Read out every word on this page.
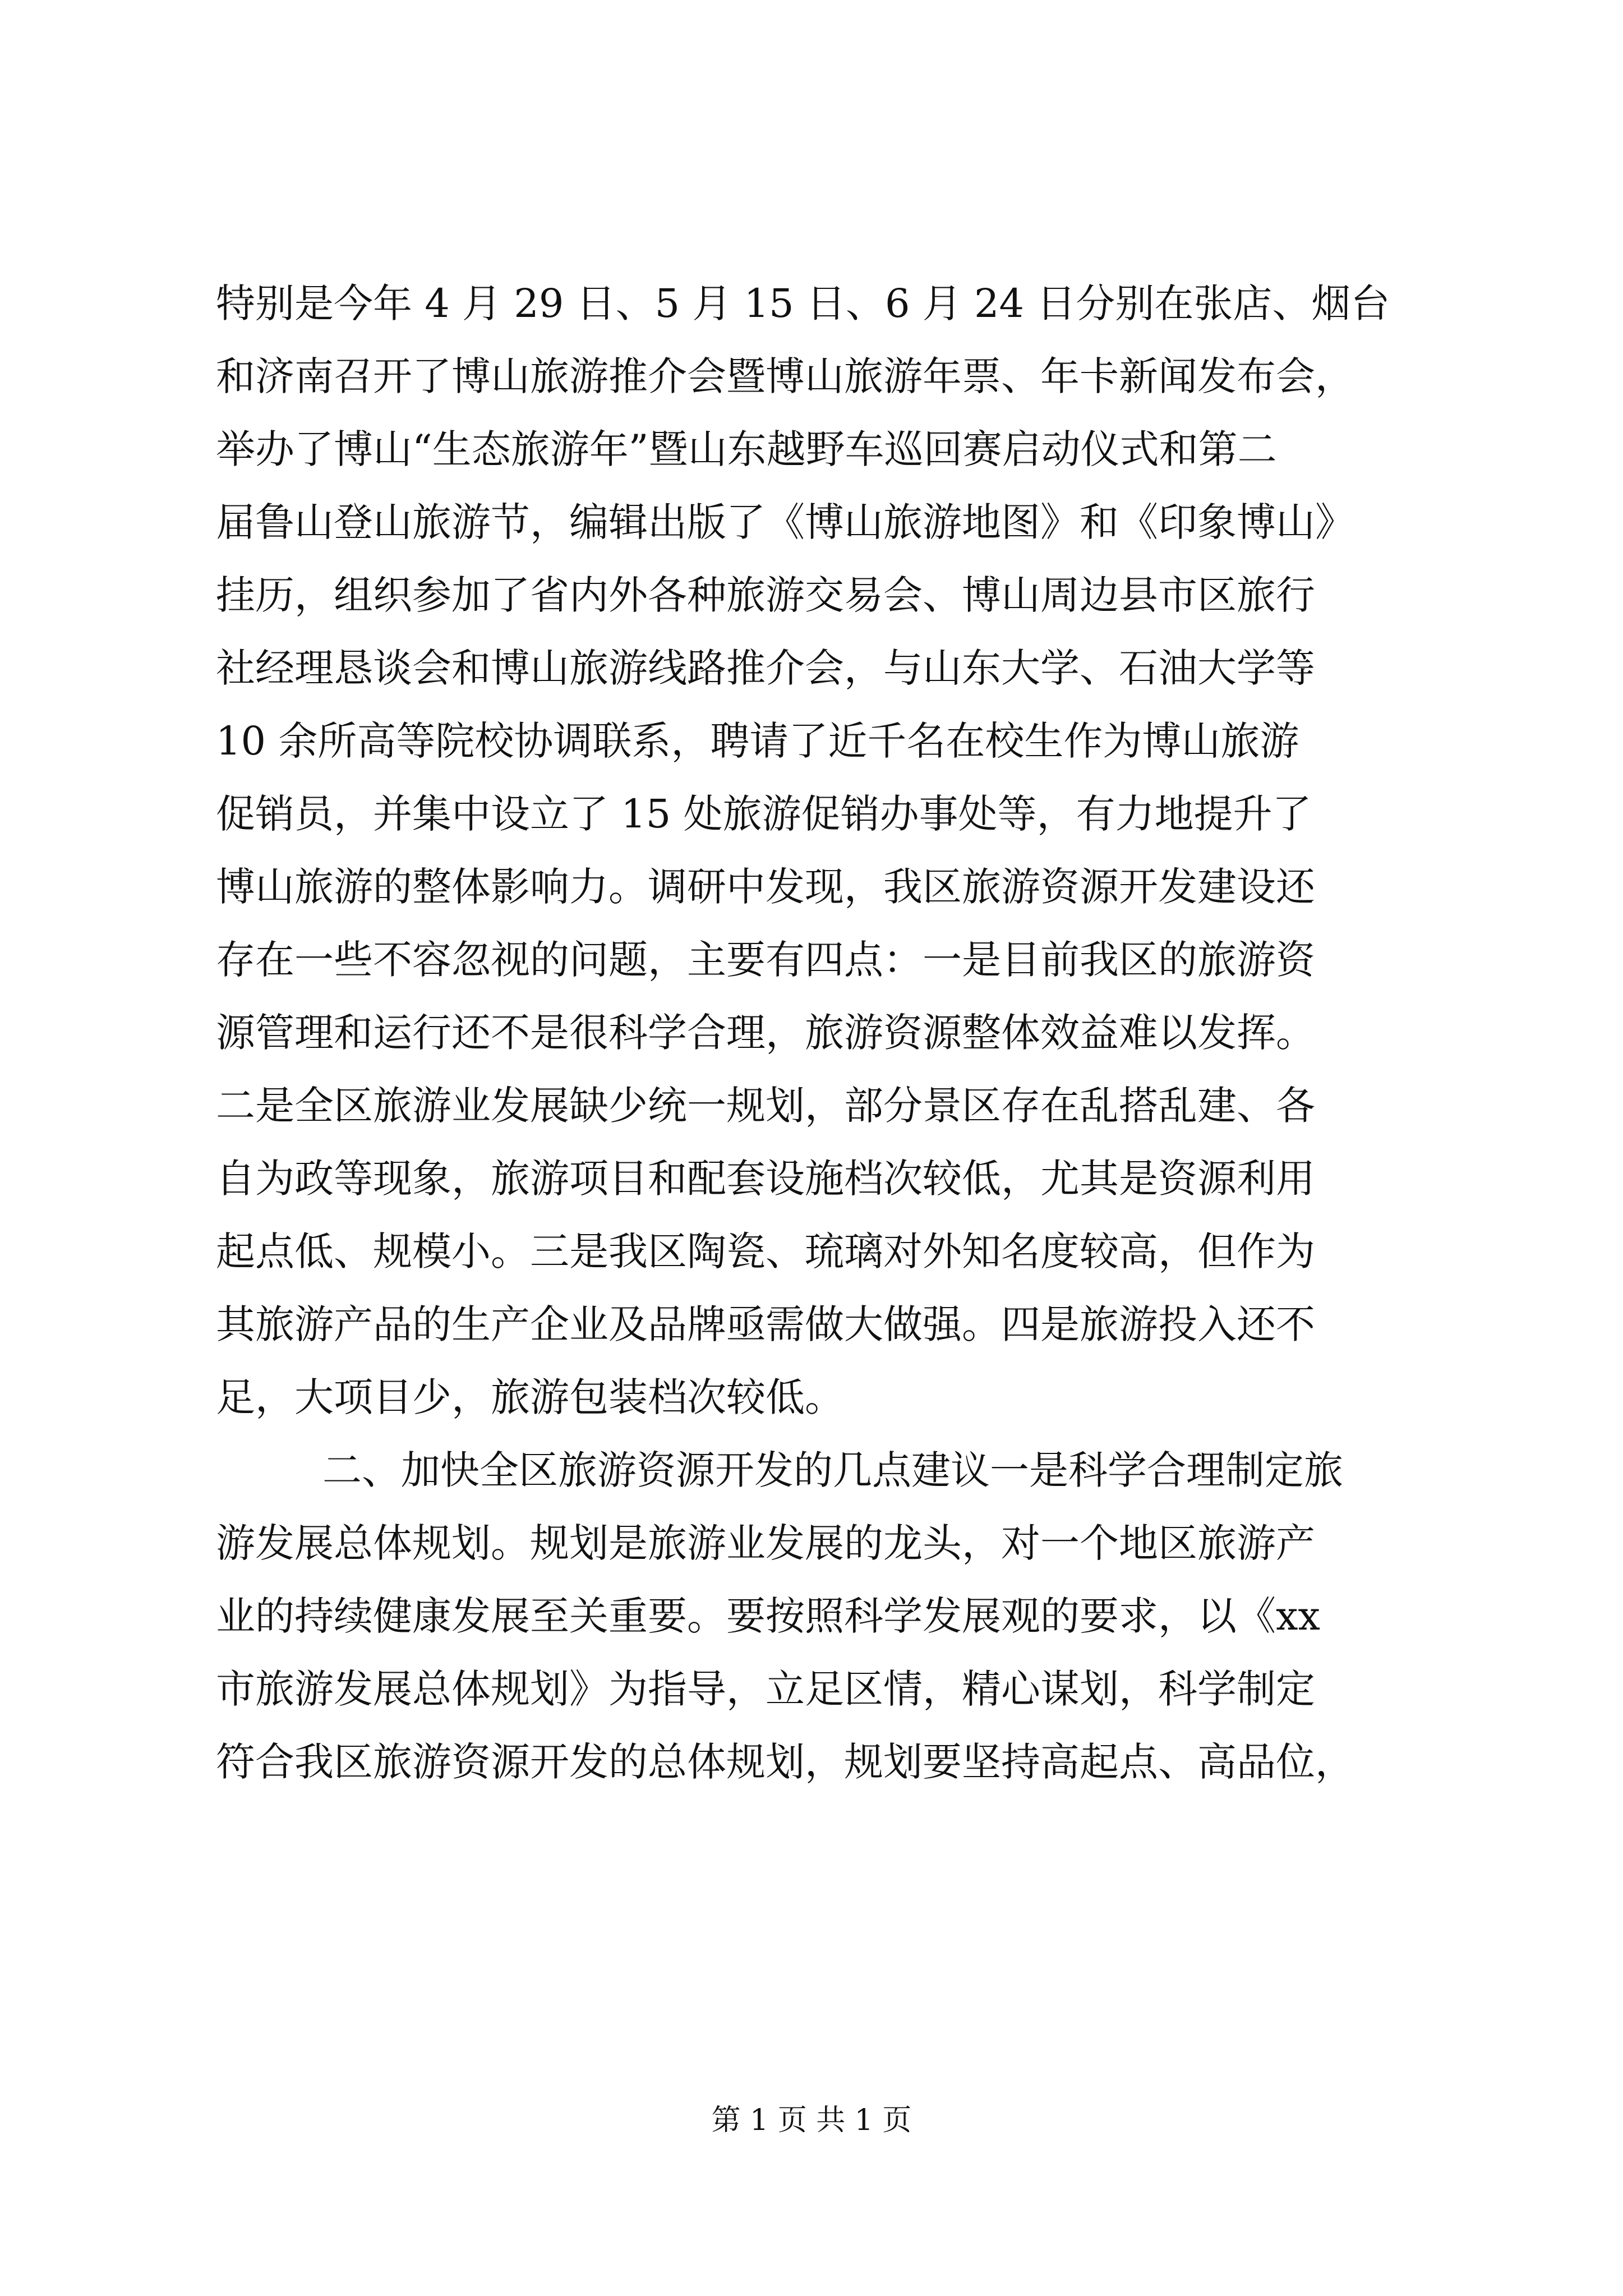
特别是今年 4 月 29 日、5 月 15 日、6 月 24 日分别在张店、烟台
和济南召开了博山旅游推介会暨博山旅游年票、年卡新闻发布会，
举办了博山“生态旅游年”暨山东越野车巡回赛启动仪式和第二
届鲁山登山旅游节，编辑出版了《博山旅游地图》和《印象博山》
挂历，组织参加了省内外各种旅游交易会、博山周边县市区旅行
社经理恳谈会和博山旅游线路推介会，与山东大学、石油大学等
10 余所高等院校协调联系，聘请了近千名在校生作为博山旅游
促销员，并集中设立了 15 处旅游促销办事处等，有力地提升了
博山旅游的整体影响力。调研中发现，我区旅游资源开发建设还
存在一些不容忽视的问题，主要有四点：一是目前我区的旅游资
源管理和运行还不是很科学合理，旅游资源整体效益难以发挥。
二是全区旅游业发展缺少统一规划，部分景区存在乱搭乱建、各
自为政等现象，旅游项目和配套设施档次较低，尤其是资源利用
起点低、规模小。三是我区陶瓷、琉璃对外知名度较高，但作为
其旅游产品的生产企业及品牌亟需做大做强。四是旅游投入还不
足，大项目少，旅游包装档次较低。
二、加快全区旅游资源开发的几点建议一是科学合理制定旅
游发展总体规划。规划是旅游业发展的龙头，对一个地区旅游产
业的持续健康发展至关重要。要按照科学发展观的要求，以《xx
市旅游发展总体规划》为指导，立足区情，精心谋划，科学制定
符合我区旅游资源开发的总体规划，规划要坚持高起点、高品位，
第 1 页 共 1 页
